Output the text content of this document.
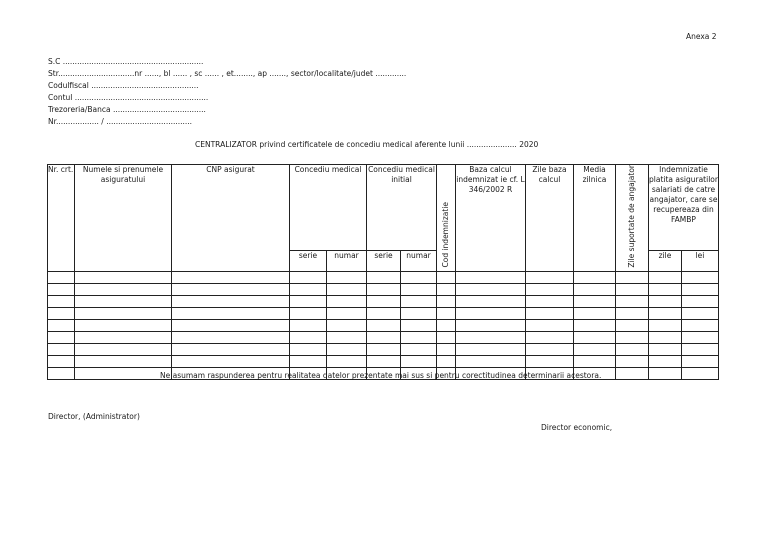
Anexa 2
S.C ...........................................................
Str................................nr ......, bl ...... , sc ...... , et........, ap ......., sector/localitate/judet .............
Codulfiscal .............................................
Contul ........................................................
Trezoreria/Banca .......................................
Nr.................. / ....................................
CENTRALIZATOR privind certificatele de concediu medical aferente lunii ..................... 2020
Nr. crt.	Numele si prenumele asiguratului	CNP asigurat	Concediu medical		Concediu medical initial		Cod indemnizatie	Baza calcul indemnizat ie cf. L 346/2002 R	Zile baza calcul	Media zilnica	Zile suportate de angajator	Indemnizatie platita asiguratilor salariati de catre angajator, care se recupereaza din FAMBP	
			serie	numar	serie	numar						zile	lei

Ne asumam raspunderea pentru realitatea datelor prezentate mai sus si pentru corectitudinea determinarii acestora.
Director, (Administrator)
Director economic,
